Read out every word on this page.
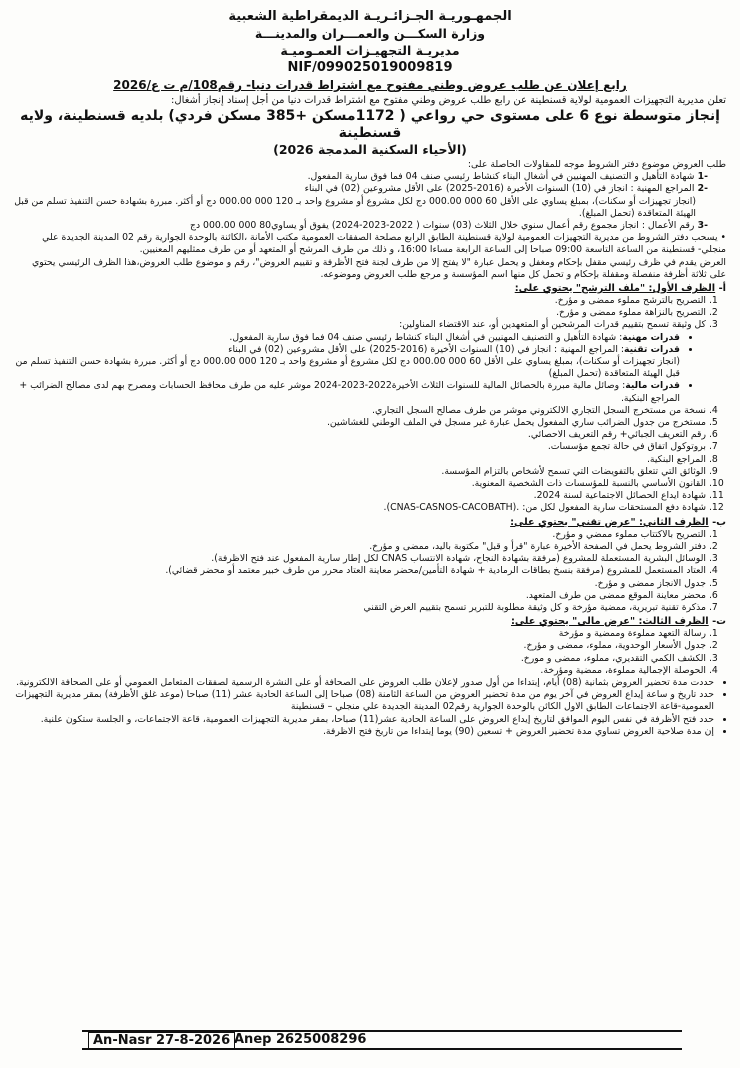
الجمهـوريـة الجـزائـريـة الديمقراطية الشعبية
وزارة السكـــن والعمـــران والمدينـــة
مديريـة التجهيـزات العمـوميـة
NIF/099025019009819
رابع إعلان عن طلب عروض وطني مفتوح مع اشتراط قدرات دنيا- رقم108/م ت ع/2026
تعلن مديرية التجهيزات العمومية لولاية قسنطينة عن رابع طلب عروض وطني مفتوح مع اشتراط قدرات دنيا من أجل إسناد إنجاز أشغال:
إنجاز متوسطة نوع 6 على مستوى حي رواعي ( 1172مسكن +385 مسكن فردي) بلديه قسنطينة، ولايه قسنطينة
(الأحياء السكنية المدمجة 2026)

طلب العروض موضوع دفتر الشروط موجه للمقاولات الحاصلة على:

-1 شهادة التأهيل و التصنيف المهنيين في أشغال البناء كنشاط رئيسي صنف 04 فما فوق سارية المفعول.
-2 المراجع المهنية : انجاز في (10) السنوات الأخيرة (2016-2025) على الأقل مشروعين (02) في البناء
(انجاز تجهيزات أو سكنات)، بمبلغ يساوي على الأقل 60 000 000.00 دج لكل مشروع أو مشروع واحد بـ 120 000 000.00 دج أو أكثر. مبررة بشهادة حسن التنفيذ تسلم من قبل الهيئة المتعاقدة (تحمل المبلغ).
-3 رقم الأعمال : انجاز مجموع رقم أعمال سنوي خلال الثلاث (03) سنوات ( 2022-2023-2024) يفوق أو يساوي80 000 000.00 دج
• يسحب دفتر الشروط من مديرية التجهيزات العمومية لولاية قسنطينة الطابق الرابع مصلحة الصفقات العمومية مكتب الأمانة ،الكائنة بالوحدة الجوارية رقم 02 المدينة الجديدة علي منجلي- قسنطينة من الساعة التاسعة 09:00 صباحا إلى الساعة الرابعة مساءا 16:00، و ذلك من طرف المرشح أو المتعهد أو من طرف ممثليهم المعنيين.
العرض يقدم في ظرف رئيسي مقفل بإحكام ومغفل و يحمل عبارة "لا يفتح إلا من طرف لجنة فتح الأظرفة و تقييم العروض"، رقم و موضوع طلب العروض،هذا الظرف الرئيسي يحتوي على ثلاثة أظرفة منفصلة ومقفلة بإحكام و تحمل كل منها اسم المؤسسة و مرجع طلب العروض وموضوعه.
أ- الظرف الأول: "ملف الترشح" يحتوي على:
1. التصريح بالترشح مملوء ممضى و مؤرخ.
2. التصريح بالنزاهة مملوء ممضى و مؤرخ.
3. كل وثيقة تسمح بتقييم قدرات المرشحين أو المتعهدين أو، عند الاقتضاء المناولين:
• قدرات مهنية: شهادة التأهيل و التصنيف المهنيين في أشغال البناء كنشاط رئيسي صنف 04 فما فوق سارية المفعول.
• قدرات تقنية: المراجع المهنية : انجاز في (10) السنوات الأخيرة (2016-2025) على الأقل مشروعين (02) في البناء
(انجاز تجهيزات أو سكنات)، بمبلغ يساوي على الأقل 60 000 000.00 دج لكل مشروع أو مشروع واحد بـ 120 000 000.00 دج أو أكثر. مبررة بشهادة حسن التنفيذ تسلم من قبل الهيئة المتعاقدة (تحمل المبلغ)
• قدرات مالية: وصائل مالية مبررة بالحصائل المالية للسنوات الثلاث الأخيرة2022-2023-2024 موشر عليه من طرف محافظ الحسابات ومصرح بهم لدى مصالح الضرائب + المراجع البنكية.
4. نسخة من مستخرج السجل التجاري الالكتروني موشر من طرف مصالح السجل التجاري.
5. مستخرج من جدول الضرائب ساري المفعول يحمل عبارة غير مسجل في الملف الوطني للغشاشين.
6. رقم التعريف الجبائي+ رقم التعريف الاحصائي.
7. بروتوكول اتفاق في حالة تجمع مؤسسات.
8. المراجع البنكية.
9. الوثائق التي تتعلق بالتفويضات التي تسمح لأشخاص بالتزام المؤسسة.
10. القانون الأساسي بالنسبة للمؤسسات ذات الشخصية المعنوية.
11. شهادة ايداع الحصائل الاجتماعية لسنة 2024.
12. شهادة دفع المستحقات سارية المفعول لكل من: .(CNAS-CASNOS-CACOBATH).
ب- الظرف الثاني: "عرض تقني" يحتوي على:
1. التصريح بالاكتتاب مملوء ممضي و مؤرخ.
2. دفتر الشروط يحمل في الصفحة الأخيرة عبارة "قرأ و قبل" مكتوبة باليد، ممضى و مؤرخ.
3. الوسائل البشرية المستعملة للمشروع (مرفقة بشهادة النجاح، شهادة الانتساب CNAS لكل إطار سارية المفعول عند فتح الاظرفة).
4. العتاد المستعمل للمشروع (مرفقة بنسخ بطاقات الرمادية + شهادة التأمين/محضر معاينة العتاد محرر من طرف خبير معتمد أو محضر قضائي).
5. جدول الانجاز ممضى و مؤرخ.
6. محضر معاينة الموقع ممضى من طرف المتعهد.
7. مذكرة تقنية تبريرية، ممضية مؤرخة و كل وثيقة مطلوبة للتبرير تسمح بتقييم العرض التقني
ت- الظرف الثالث: "عرض مالي" يحتوي على:
1. رسالة التعهد مملوءة وممضية و مؤرخة
2. جدول الأسعار الوحدوية، مملوء، ممضى و مؤرخ.
3. الكشف الكمي التقديري، مملوء، ممضى و مورخ.
4. الحوصلة الإجمالية مملوءة، ممضية ومؤرخة.
• حددت مدة تحضير العروض بثمانية (08) أيام، إبتداءا من أول صدور لإعلان طلب العروض على الصحافة أو على النشرة الرسمية لصفقات المتعامل العمومي أو على الصحافة الالكترونية.
• حدد تاريخ و ساعة إيداع العروض في آخر يوم من مدة تحضير العروض من الساعة الثامنة (08) صباحا إلى الساعة الحادية عشر (11) صباحا (موعد غلق الأظرفة) بمقر مديرية التجهيزات العمومية-قاعة الاجتماعات الطابق الاول الكائن بالوحدة الجوارية رقم02 المدينة الجديدة علي منجلي – قسنطينة
• حدد فتح الأظرفة في نفس اليوم الموافق لتاريخ إيداع العروض على الساعة الحادية عشر(11) صباحا، بمقر مديرية التجهيزات العمومية، قاعة الاجتماعات، و الجلسة ستكون علنية.
• إن مدة صلاحية العروض تساوي مدة تحضير العروض + تسعين (90) يوما إبتداءا من تاريخ فتح الاظرفة.
An-Nasr 27-8-2026 Anep 2625008296
